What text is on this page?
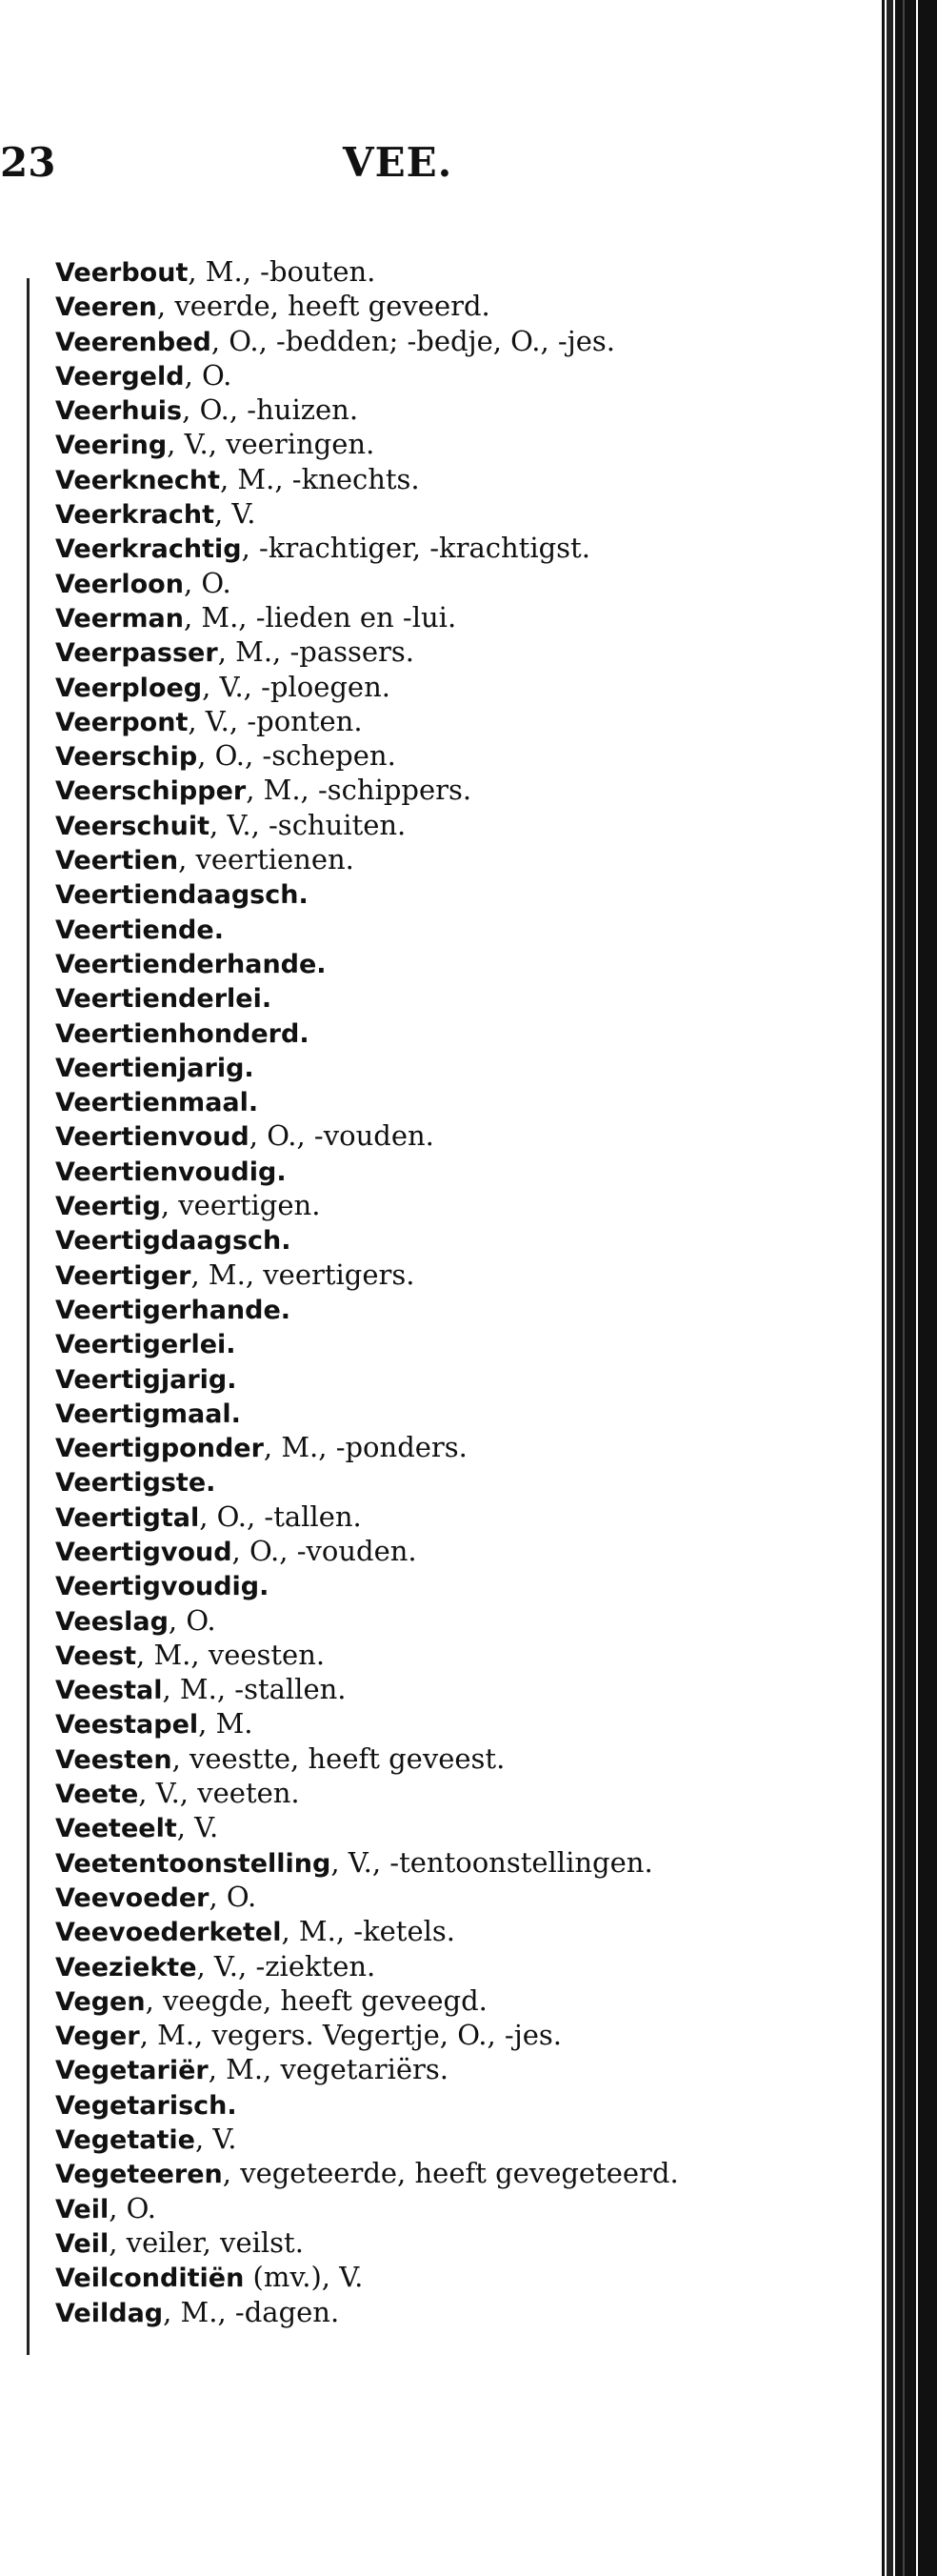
23	VEE.
Veerbout, M., -bouten.
Veeren, veerde, heeft geveerd.
Veerenbed, O., -bedden; -bedje, O., -jes.
Veergeld, O.
Veerhuis, O., -huizen.
Veering, V., veeringen.
Veerknecht, M., -knechts.
Veerkracht, V.
Veerkrachtig, -krachtiger, -krachtigst.
Veerloon, O.
Veerman, M., -lieden en -lui.
Veerpasser, M., -passers.
Veerploeg, V., -ploegen.
Veerpont, V., -ponten.
Veerschip, O., -schepen.
Veerschipper, M., -schippers.
Veerschuit, V., -schuiten.
Veertien, veertienen.
Veertiendaagsch.
Veertiende.
Veertienderhande.
Veertienderlei.
Veertienhonderd.
Veertienjarig.
Veertienmaal.
Veertienvoud, O., -vouden.
Veertienvoudig.
Veertig, veertigen.
Veertigdaagsch.
Veertiger, M., veertigers.
Veertigerhande.
Veertigerlei.
Veertigjarig.
Veertigmaal.
Veertigponder, M., -ponders.
Veertigste.
Veertigtal, O., -tallen.
Veertigvoud, O., -vouden.
Veertigvoudig.
Veeslag, O.
Veest, M., veesten.
Veestal, M., -stallen.
Veestapel, M.
Veesten, veestte, heeft geveest.
Veete, V., veeten.
Veeteelt, V.
Veetentoonstelling, V., -tentoonstellingen.
Veevoeder, O.
Veevoederketel, M., -ketels.
Veeziekte, V., -ziekten.
Vegen, veegde, heeft geveegd.
Veger, M., vegers. Vegertje, O., -jes.
Vegetariër, M., vegetariërs.
Vegetarisch.
Vegetatie, V.
Vegeteeren, vegeteerde, heeft gevegeteerd.
Veil, O.
Veil, veiler, veilst.
Veilconditiën (mv.), V.
Veildag, M., -dagen.
